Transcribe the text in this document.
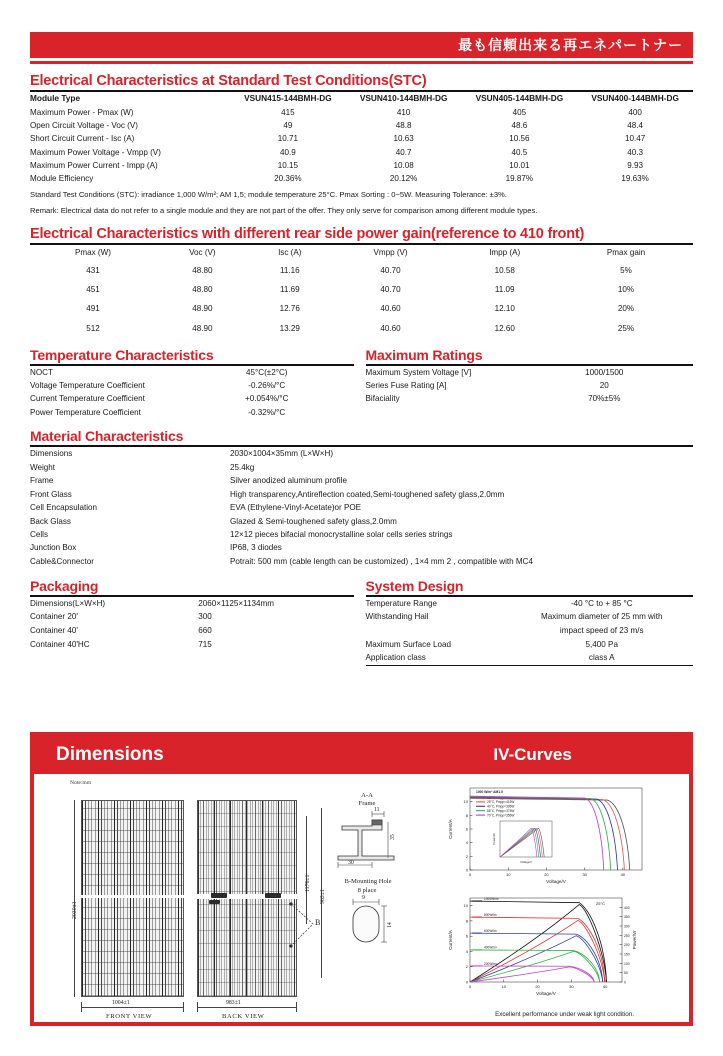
最も信頼出来る再エネパートナー
Electrical Characteristics at Standard Test Conditions(STC)
Module Type	VSUN415-144BMH-DG	VSUN410-144BMH-DG	VSUN405-144BMH-DG	VSUN400-144BMH-DG
Maximum Power - Pmax (W)	415	410	405	400
Open Circuit Voltage - Voc (V)	49	48.8	48.6	48.4
Short Circuit Current - Isc (A)	10.71	10.63	10.56	10.47
Maximum Power Voltage - Vmpp (V)	40.9	40.7	40.5	40.3
Maximum Power Current - Impp (A)	10.15	10.08	10.01	9.93
Module Efficiency	20.36%	20.12%	19.87%	19.63%
Standard Test Conditions (STC): irradiance 1,000 W/m²; AM 1,5; module temperature 25°C. Pmax Sorting : 0~5W. Measuring Tolerance: ±3%.
Remark: Electrical data do not refer to a single module and they are not part of the offer. They only serve for comparison among different module types.
Electrical Characteristics with different rear side power gain(reference to 410 front)
Pmax (W)	Voc (V)	Isc (A)	Vmpp (V)	Impp (A)	Pmax gain
431	48.80	11.16	40.70	10.58	5%
451	48.80	11.69	40.70	11.09	10%
491	48.90	12.76	40.60	12.10	20%
512	48.90	13.29	40.60	12.60	25%
Temperature Characteristics
NOCT	45°C(±2°C)
Voltage Temperature Coefficient	-0.26%/°C
Current Temperature Coefficient	+0.054%/°C
Power Temperature Coefficient	-0.32%/°C
Maximum Ratings
Maximum System Voltage [V]	1000/1500
Series Fuse Rating [A]	20
Bifaciality	70%±5%
Material Characteristics
Dimensions	2030×1004×35mm (L×W×H)
Weight	25.4kg
Frame	Silver anodized aluminum profile
Front Glass	High transparency,Antireflection coated,Semi-toughened safety glass,2.0mm
Cell Encapsulation	EVA (Ethylene-Vinyl-Acetate)or POE
Back Glass	Glazed & Semi-toughened safety glass,2.0mm
Cells	12×12 pieces bifacial monocrystalline solar cells series strings
Junction Box	IP68, 3 diodes
Cable&Connector	Potrait: 500 mm (cable length can be customized) , 1×4 mm 2 , compatible with MC4
Packaging
Dimensions(L×W×H)	2060×1125×1134mm
Container 20'	300
Container 40'	660
Container 40'HC	715
System Design
Temperature Range	-40 °C to + 85 °C
Withstanding Hail	Maximum diameter of 25 mm with
	impact speed of 23 m/s
Maximum Surface Load	5,400 Pa
Application class	class A
Dimensions	IV-Curves
Note:mm
2030±1
1004±1
FRONT VIEW
983±1
BACK VIEW
1176±1
963±1
B
A-A
Frame
11
35
30
B-Mounting Hole
8 place
9
14
0	10	20	30	40
0
2
4
6
8
10
Voltage/V
Current/A
1000 W/m² AM1.5
15°C, Pmpp=435W
25°C, Pmpp=415W
40°C, Pmpp=395W
55°C, Pmpp=375W
70°C, Pmpp=356W
Voltage/V
Power/W
0	10	20	30	40
0
2
4
6
8
10
0
50
100
150
200
250
300
350
400
Voltage/V
Current/A	Power/W
25°C
1000W/m²
800W/m²
600W/m²
400W/m²
200W/m²
Excellent performance under weak light condition.
